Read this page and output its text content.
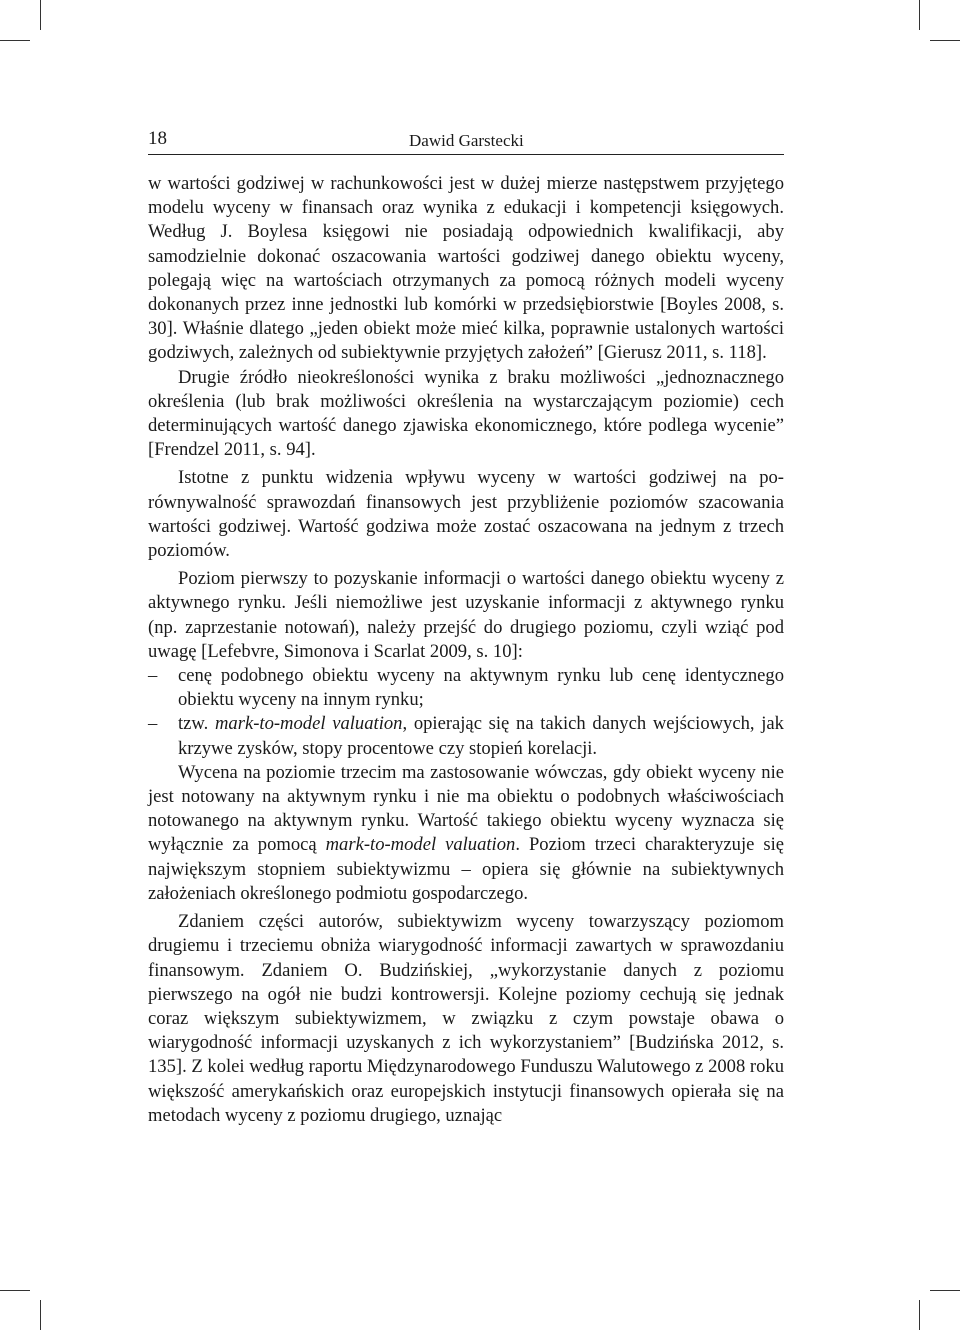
18	Dawid Garstecki

w wartości godziwej w rachunkowości jest w dużej mierze następstwem przyjętego modelu wyceny w finansach oraz wynika z edukacji i kompetencji księgowych. Według J. Boylesa księgowi nie posiadają odpowiednich kwalifikacji, aby samodzielnie dokonać oszacowania wartości godziwej danego obiektu wyceny, polegają więc na wartościach otrzymanych za pomocą różnych modeli wyceny dokonanych przez inne jednostki lub komórki w przedsiębiorstwie [Boyles 2008, s. 30]. Właśnie dlatego „jeden obiekt może mieć kilka, poprawnie ustalonych wartości godziwych, zależnych od subiektywnie przyjętych założeń” [Gierusz 2011, s. 118].

Drugie źródło nieokreśloności wynika z braku możliwości „jednoznacznego określenia (lub brak możliwości określenia na wystarczającym poziomie) cech determinujących wartość danego zjawiska ekonomicznego, które podlega wycenie” [Frendzel 2011, s. 94].

Istotne z punktu widzenia wpływu wyceny w wartości godziwej na porównywalność sprawozdań finansowych jest przybliżenie poziomów szacowania wartości godziwej. Wartość godziwa może zostać oszacowana na jednym z trzech poziomów.

Poziom pierwszy to pozyskanie informacji o wartości danego obiektu wyceny z aktywnego rynku. Jeśli niemożliwe jest uzyskanie informacji z aktywnego rynku (np. zaprzestanie notowań), należy przejść do drugiego poziomu, czyli wziąć pod uwagę [Lefebvre, Simonova i Scarlat 2009, s. 10]:

– cenę podobnego obiektu wyceny na aktywnym rynku lub cenę identycznego obiektu wyceny na innym rynku;
– tzw. mark-to-model valuation, opierając się na takich danych wejściowych, jak krzywe zysków, stopy procentowe czy stopień korelacji.

Wycena na poziomie trzecim ma zastosowanie wówczas, gdy obiekt wyceny nie jest notowany na aktywnym rynku i nie ma obiektu o podobnych właściwościach notowanego na aktywnym rynku. Wartość takiego obiektu wyceny wyznacza się wyłącznie za pomocą mark-to-model valuation. Poziom trzeci charakteryzuje się największym stopniem subiektywizmu – opiera się głównie na subiektywnych założeniach określonego podmiotu gospodarczego.

Zdaniem części autorów, subiektywizm wyceny towarzyszący poziomom drugiemu i trzeciemu obniża wiarygodność informacji zawartych w sprawozdaniu finansowym. Zdaniem O. Budzińskiej, „wykorzystanie danych z poziomu pierwszego na ogół nie budzi kontrowersji. Kolejne poziomy cechują się jednak coraz większym subiektywizmem, w związku z czym powstaje obawa o wiarygodność informacji uzyskanych z ich wykorzystaniem” [Budzińska 2012, s. 135]. Z kolei według raportu Międzynarodowego Funduszu Walutowego z 2008 roku większość amerykańskich oraz europejskich instytucji finansowych opierała się na metodach wyceny z poziomu drugiego, uznając
